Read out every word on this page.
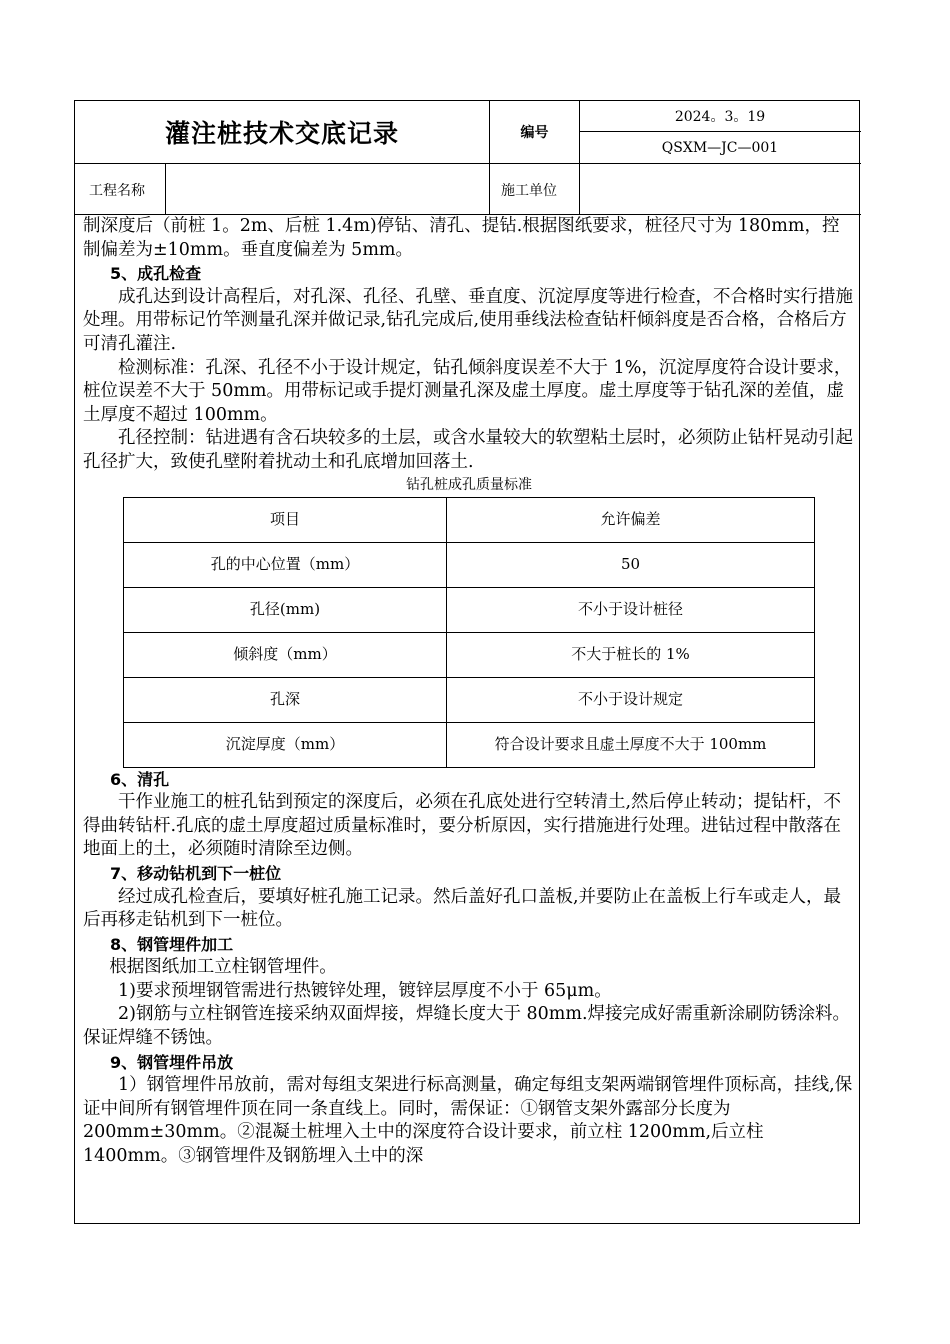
灌注桩技术交底记录	编号
2024。3。19
QSXM—JC—001
工程名称	施工单位

制深度后（前桩 1。2m、后桩 1.4m)停钻、清孔、提钻.根据图纸要求，桩径尺寸为 180mm，控制偏差为±10mm。垂直度偏差为 5mm。

5、成孔检查

成孔达到设计高程后，对孔深、孔径、孔壁、垂直度、沉淀厚度等进行检查，不合格时实行措施处理。用带标记竹竿测量孔深并做记录,钻孔完成后,使用垂线法检查钻杆倾斜度是否合格，合格后方可清孔灌注.

检测标准：孔深、孔径不小于设计规定，钻孔倾斜度误差不大于 1%，沉淀厚度符合设计要求，桩位误差不大于 50mm。用带标记或手提灯测量孔深及虚土厚度。虚土厚度等于钻孔深的差值，虚土厚度不超过 100mm。

孔径控制：钻进遇有含石块较多的土层，或含水量较大的软塑粘土层时，必须防止钻杆晃动引起孔径扩大，致使孔壁附着扰动土和孔底增加回落土.

钻孔桩成孔质量标准

项目	允许偏差
孔的中心位置（mm）	50
孔径(mm)	不小于设计桩径
倾斜度（mm）	不大于桩长的 1%
孔深	不小于设计规定
沉淀厚度（mm）	符合设计要求且虚土厚度不大于 100mm

6、清孔

干作业施工的桩孔钻到预定的深度后，必须在孔底处进行空转清土,然后停止转动；提钻杆，不得曲转钻杆.孔底的虚土厚度超过质量标准时，要分析原因，实行措施进行处理。进钻过程中散落在地面上的土，必须随时清除至边侧。

7、移动钻机到下一桩位

经过成孔检查后，要填好桩孔施工记录。然后盖好孔口盖板,并要防止在盖板上行车或走人，最后再移走钻机到下一桩位。

8、钢管埋件加工

根据图纸加工立柱钢管埋件。

1)要求预埋钢管需进行热镀锌处理，镀锌层厚度不小于 65μm。

2)钢筋与立柱钢管连接采纳双面焊接，焊缝长度大于 80mm.焊接完成好需重新涂刷防锈涂料。保证焊缝不锈蚀。

9、钢管埋件吊放

1）钢管埋件吊放前，需对每组支架进行标高测量，确定每组支架两端钢管埋件顶标高，挂线,保证中间所有钢管埋件顶在同一条直线上。同时，需保证：①钢管支架外露部分长度为 200mm±30mm。②混凝土桩埋入土中的深度符合设计要求，前立柱 1200mm,后立柱 1400mm。③钢管埋件及钢筋埋入土中的深
